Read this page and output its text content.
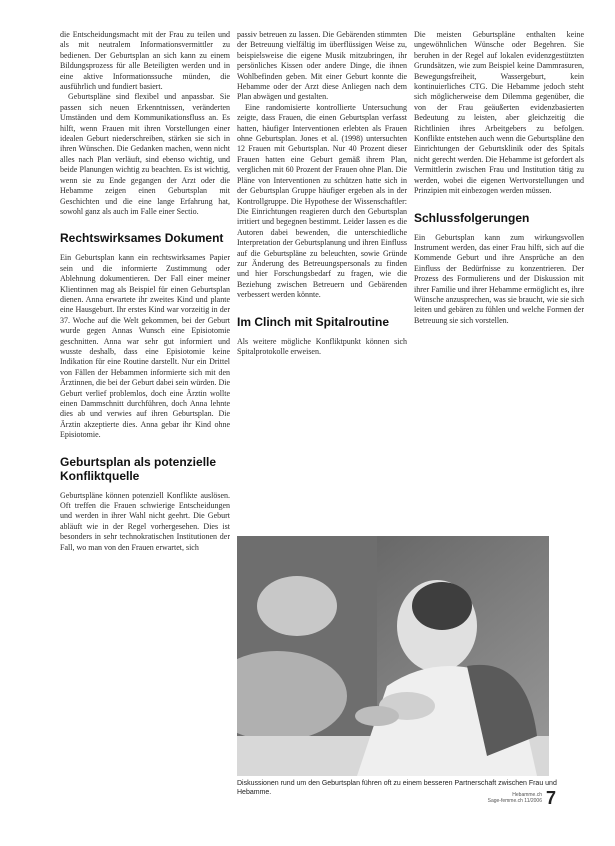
die Entscheidungsmacht mit der Frau zu teilen und als mit neutralem Informationsvermittler zu bedienen. Der Geburtsplan an sich kann zu einem Bildungsprozess für alle Beteiligten werden und in eine aktive Informationssuche münden, die ausführlich und fundiert basiert.

Geburtspläne sind flexibel und anpassbar. Sie passen sich neuen Erkenntnissen, veränderten Umständen und dem Kommunikationsfluss an. Es hilft, wenn Frauen mit ihren Vorstellungen einer idealen Geburt niederschreiben, stärken sie sich in ihren Wünschen. Die Gedanken machen, wenn nicht alles nach Plan verläuft, sind ebenso wichtig, und beide Planungen wichtig zu beachten. Es ist wichtig, wenn sie zu Ende gegangen der Arzt oder die Hebamme zeigen einen Geburtsplan mit Geschichten und die eine lange Erfahrung hat, sowohl ganz als auch im Falle einer Sectio.

Rechtswirksames Dokument

Ein Geburtsplan kann ein rechtswirksames Papier sein und die informierte Zustimmung oder Ablehnung dokumentieren. Der Fall einer meiner Klientinnen mag als Beispiel für einen Geburtsplan dienen. Anna erwartete ihr zweites Kind und plante eine Hausgeburt. Ihr erstes Kind war vorzeitig in der 37. Woche auf die Welt gekommen, bei der Geburt wurde gegen Annas Wunsch eine Episiotomie geschnitten. Anna war sehr gut informiert und wusste deshalb, dass eine Episiotomie keine Indikation für eine Routine darstellt. Nur ein Drittel von Fällen der Hebammen informierte sich mit den Ärztinnen, die bei der Geburt dabei sein würden. Die Geburt verlief problemlos, doch eine Ärztin wollte einen Dammschnitt durchführen, doch Anna lehnte dies ab und verwies auf ihren Geburtsplan. Die Ärztin akzeptierte dies. Anna gebar ihr Kind ohne Episiotomie.

Geburtsplan als potenzielle Konfliktquelle

Geburtspläne können potenziell Konflikte auslösen. Oft treffen die Frauen schwierige Entscheidungen und werden in ihrer Wahl nicht geehrt. Die Geburt abläuft wie in der Regel vorhergesehen. Dies ist besonders in sehr technokratischen Institutionen der Fall, wo man von den Frauen erwartet, sich

passiv betreuen zu lassen. Die Gebärenden stimmten der Betreuung vielfältig im überflüssigen Weise zu, beispielsweise die eigene Musik mitzubringen, ihr persönliches Kissen oder andere Dinge, die ihnen Wohlbefinden geben. Mit einer Geburt konnte die Hebamme oder der Arzt diese Anliegen nach dem Plan abwägen und gestalten.

Eine randomisierte kontrollierte Untersuchung zeigte, dass Frauen, die einen Geburtsplan verfasst hatten, häufiger Interventionen erlebten als Frauen ohne Geburtsplan. Jones et al. (1998) untersuchten 12 Frauen mit Geburtsplan. Nur 40 Prozent dieser Frauen hatten eine Geburt gemäß ihrem Plan, verglichen mit 60 Prozent der Frauen ohne Plan. Die Pläne von Interventionen zu schützen hatte sich in der Geburtsplan Gruppe häufiger ergeben als in der Kontrollgruppe. Die Hypothese der Wissenschaftler: Die Einrichtungen reagieren durch den Geburtsplan irritiert und begegnen bestimmt. Leider lassen es die Autoren dabei bewenden, die unterschiedliche Interpretation der Geburtsplanung und ihren Einfluss auf die Geburtspläne zu beleuchten, sowie Gründe zur Änderung des Betreuungspersonals zu finden und hier Forschungsbedarf zu fragen, wie die Beziehung zwischen Betreuern und Gebärenden verbessert werden könnte.

Im Clinch mit Spitalroutine

Als weitere mögliche Konfliktpunkt können sich Spitalprotokolle erweisen.

Die meisten Geburtspläne enthalten keine ungewöhnlichen Wünsche oder Begehren. Sie beruhen in der Regel auf lokalen evidenzgestützten Grundsätzen, wie zum Beispiel keine Dammrasuren, Bewegungsfreiheit, Wassergeburt, kein kontinuierliches CTG. Die Hebamme jedoch steht sich möglicherweise dem Dilemma gegenüber, die von der Frau geäußerten evidenzbasierten Bedeutung zu leisten, aber gleichzeitig die Richtlinien ihres Arbeitgebers zu befolgen. Konflikte entstehen auch wenn die Geburtspläne den Einrichtungen der Geburtsklinik oder des Spitals nicht gerecht werden. Die Hebamme ist gefordert als Vermittlerin zwischen Frau und Institution tätig zu werden, wobei die eigenen Wertvorstellungen und Prinzipien mit einbezogen werden müssen.

Schlussfolgerungen

Ein Geburtsplan kann zum wirkungsvollen Instrument werden, das einer Frau hilft, sich auf die Kommende Geburt und ihre Ansprüche an den Einfluss der Bedürfnisse zu konzentrieren. Der Prozess des Formulierens und der Diskussion mit ihrer Familie und ihrer Hebamme ermöglicht es, ihre Wünsche anzusprechen, was sie braucht, wie sie sich leiten und gebären zu fühlen und welche Formen der Betreuung sie sich vorstellen.

Diskussionen rund um den Geburtsplan führen oft zu einem besseren Partnerschaft zwischen Frau und Hebamme.	Hebamme.ch
Sage-femme.ch 11/2006 7
